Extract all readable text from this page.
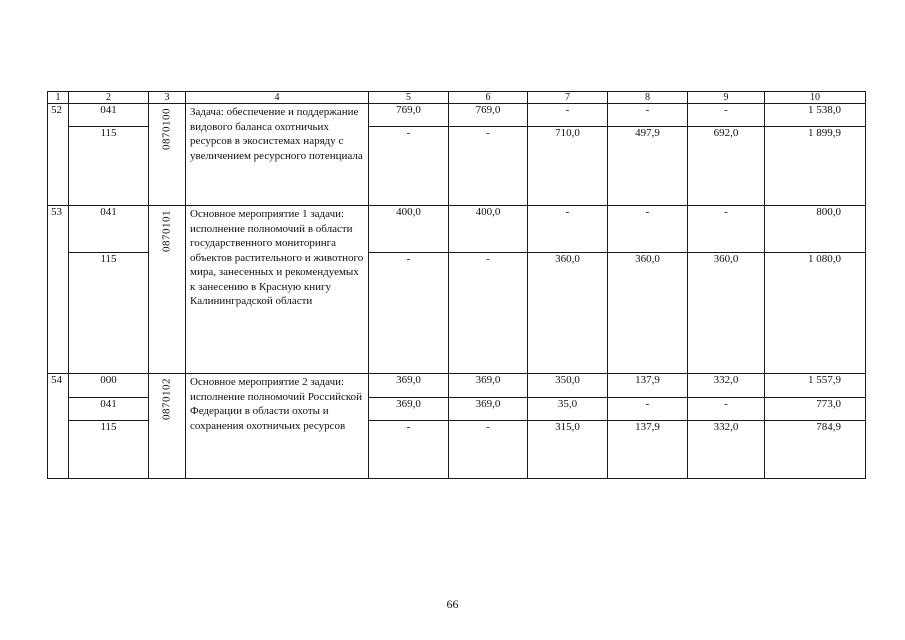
1	2	3	4	5	6	7	8	9	10
52	041	0870100	Задача: обеспечение и поддержание видового баланса охотничьих ресурсов в экосистемах наряду с увеличением ресурсного потенциала	769,0	769,0	-	-	-	1 538,0
	115			-	-	710,0	497,9	692,0	1 899,9
53	041	0870101	Основное мероприятие 1 задачи: исполнение полномочий в области государственного мониторинга объектов растительного и животного мира, занесенных и рекомендуемых к занесению в Красную книгу Калининградской области	400,0	400,0	-	-	-	800,0
	115			-	-	360,0	360,0	360,0	1 080,0
54	000	0870102	Основное мероприятие 2 задачи: исполнение полномочий Российской Федерации в области охоты и сохранения охотничьих ресурсов	369,0	369,0	350,0	137,9	332,0	1 557,9
	041			369,0	369,0	35,0	-	-	773,0
	115			-	-	315,0	137,9	332,0	784,9
66
